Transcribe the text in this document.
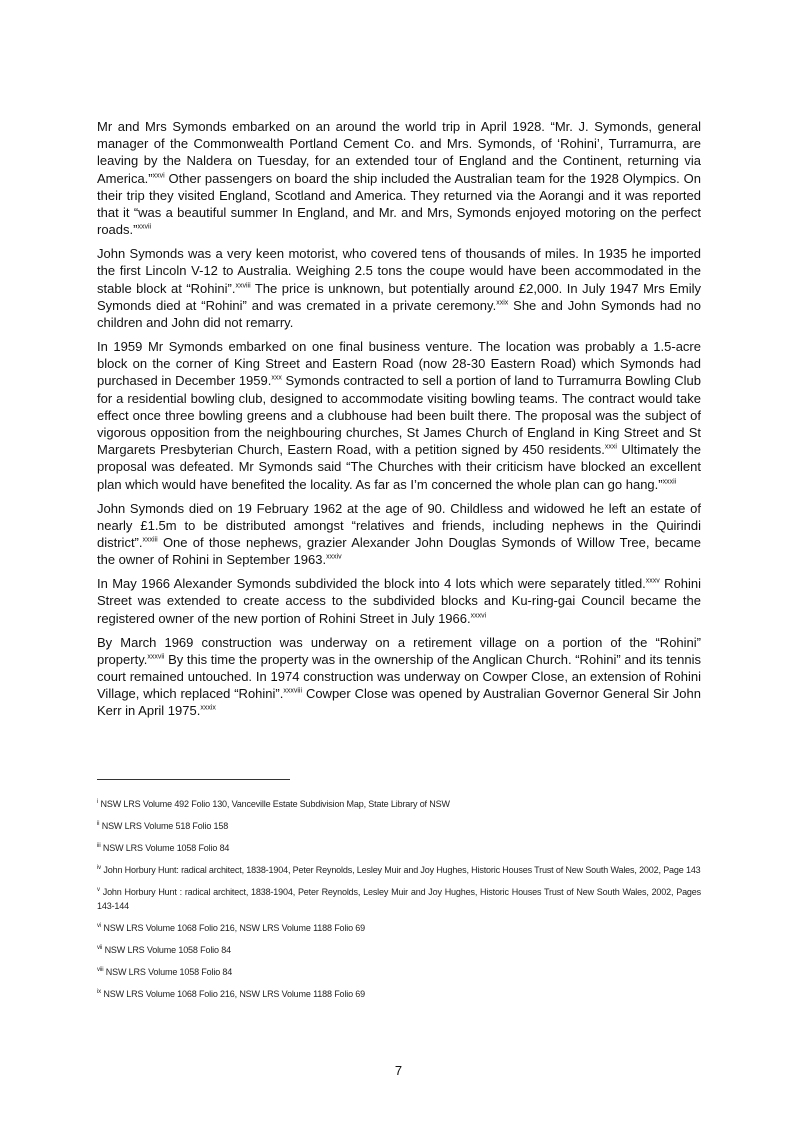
Mr and Mrs Symonds embarked on an around the world trip in April 1928. “Mr. J. Symonds, general manager of the Commonwealth Portland Cement Co. and Mrs. Symonds, of ‘Rohini’, Turramurra, are leaving by the Naldera on Tuesday, for an extended tour of England and the Continent, returning via America.”$^{xxvi}$ Other passengers on board the ship included the Australian team for the 1928 Olympics. On their trip they visited England, Scotland and America. They returned via the Aorangi and it was reported that it “was a beautiful summer In England, and Mr. and Mrs, Symonds enjoyed motoring on the perfect roads.”$^{xxvii}$

John Symonds was a very keen motorist, who covered tens of thousands of miles. In 1935 he imported the first Lincoln V-12 to Australia. Weighing 2.5 tons the coupe would have been accommodated in the stable block at “Rohini”.$^{xxviii}$ The price is unknown, but potentially around £2,000. In July 1947 Mrs Emily Symonds died at “Rohini” and was cremated in a private ceremony.$^{xxix}$ She and John Symonds had no children and John did not remarry.

In 1959 Mr Symonds embarked on one final business venture. The location was probably a 1.5-acre block on the corner of King Street and Eastern Road (now 28-30 Eastern Road) which Symonds had purchased in December 1959.$^{xxx}$ Symonds contracted to sell a portion of land to Turramurra Bowling Club for a residential bowling club, designed to accommodate visiting bowling teams. The contract would take effect once three bowling greens and a clubhouse had been built there. The proposal was the subject of vigorous opposition from the neighbouring churches, St James Church of England in King Street and St Margarets Presbyterian Church, Eastern Road, with a petition signed by 450 residents.$^{xxxi}$ Ultimately the proposal was defeated. Mr Symonds said “The Churches with their criticism have blocked an excellent plan which would have benefited the locality. As far as I’m concerned the whole plan can go hang.”$^{xxxii}$

John Symonds died on 19 February 1962 at the age of 90. Childless and widowed he left an estate of nearly £1.5m to be distributed amongst “relatives and friends, including nephews in the Quirindi district”.$^{xxxiii}$ One of those nephews, grazier Alexander John Douglas Symonds of Willow Tree, became the owner of Rohini in September 1963.$^{xxxiv}$

In May 1966 Alexander Symonds subdivided the block into 4 lots which were separately titled.$^{xxxv}$ Rohini Street was extended to create access to the subdivided blocks and Ku-ring-gai Council became the registered owner of the new portion of Rohini Street in July 1966.$^{xxxvi}$

By March 1969 construction was underway on a retirement village on a portion of the “Rohini” property.$^{xxxvii}$ By this time the property was in the ownership of the Anglican Church. “Rohini” and its tennis court remained untouched. In 1974 construction was underway on Cowper Close, an extension of Rohini Village, which replaced “Rohini”.$^{xxxviii}$ Cowper Close was opened by Australian Governor General Sir John Kerr in April 1975.$^{xxxix}$

$^i$ NSW LRS Volume 492 Folio 130, Vanceville Estate Subdivision Map, State Library of NSW

$^{ii}$ NSW LRS Volume 518 Folio 158

$^{iii}$ NSW LRS Volume 1058 Folio 84

$^{iv}$ John Horbury Hunt: radical architect, 1838-1904, Peter Reynolds, Lesley Muir and Joy Hughes, Historic Houses Trust of New South Wales, 2002, Page 143

$^v$ John Horbury Hunt : radical architect, 1838-1904, Peter Reynolds, Lesley Muir and Joy Hughes, Historic Houses Trust of New South Wales, 2002, Pages 143-144

$^{vi}$ NSW LRS Volume 1068 Folio 216, NSW LRS Volume 1188 Folio 69

$^{vii}$ NSW LRS Volume 1058 Folio 84

$^{viii}$ NSW LRS Volume 1058 Folio 84

$^{ix}$ NSW LRS Volume 1068 Folio 216, NSW LRS Volume 1188 Folio 69

7
